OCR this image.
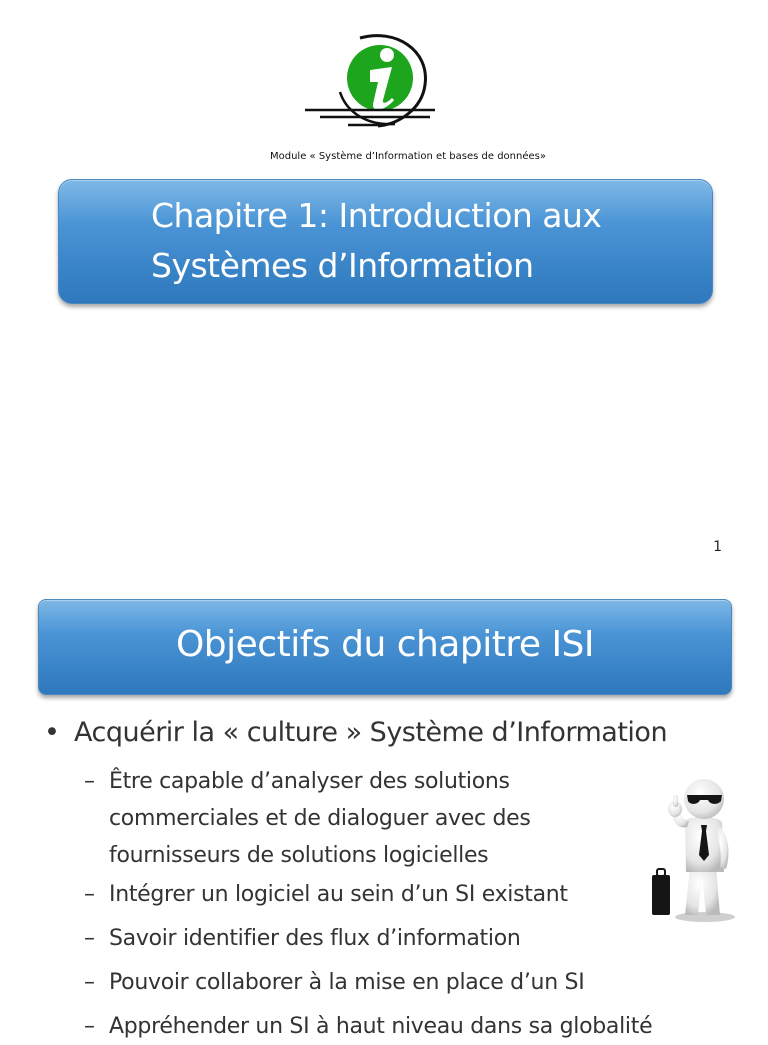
Module « Système d’Information et bases de données»
Chapitre 1: Introduction aux
Systèmes d’Information
1
Objectifs du chapitre ISI
• Acquérir la « culture » Système d’Information
– Être capable d’analyser des solutions
commerciales et de dialoguer avec des
fournisseurs de solutions logicielles
– Intégrer un logiciel au sein d’un SI existant
– Savoir identifier des flux d’information
– Pouvoir collaborer à la mise en place d’un SI
– Appréhender un SI à haut niveau dans sa globalité
